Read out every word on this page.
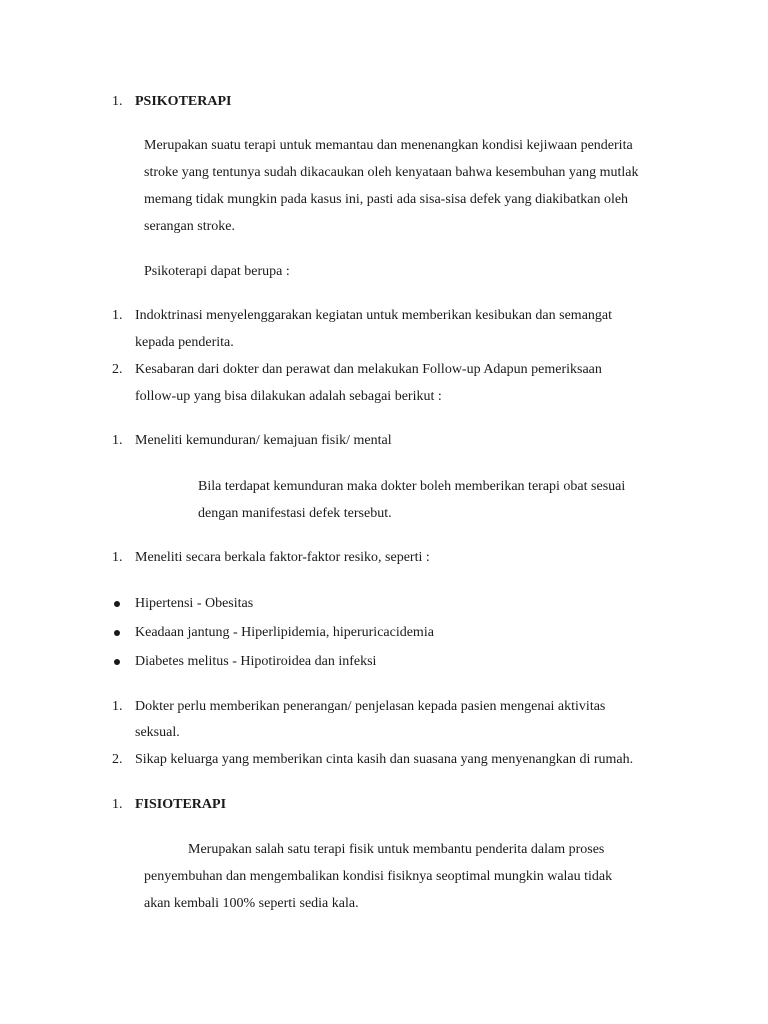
1. PSIKOTERAPI
Merupakan suatu terapi untuk memantau dan menenangkan kondisi kejiwaan penderita
stroke yang tentunya sudah dikacaukan oleh kenyataan bahwa kesembuhan yang mutlak
memang tidak mungkin pada kasus ini, pasti ada sisa-sisa defek yang diakibatkan oleh
serangan stroke.
Psikoterapi dapat berupa :
1. Indoktrinasi menyelenggarakan kegiatan untuk memberikan kesibukan dan semangat
kepada penderita.
2. Kesabaran dari dokter dan perawat dan melakukan Follow-up Adapun pemeriksaan
follow-up yang bisa dilakukan adalah sebagai berikut :
1. Meneliti kemunduran/ kemajuan fisik/ mental
Bila terdapat kemunduran maka dokter boleh memberikan terapi obat sesuai
dengan manifestasi defek tersebut.
1. Meneliti secara berkala faktor-faktor resiko, seperti :
Hipertensi - Obesitas
Keadaan jantung - Hiperlipidemia, hiperuricacidemia
Diabetes melitus - Hipotiroidea dan infeksi
1. Dokter perlu memberikan penerangan/ penjelasan kepada pasien mengenai aktivitas
seksual.
2. Sikap keluarga yang memberikan cinta kasih dan suasana yang menyenangkan di rumah.
1. FISIOTERAPI
Merupakan salah satu terapi fisik untuk membantu penderita dalam proses
penyembuhan dan mengembalikan kondisi fisiknya seoptimal mungkin walau tidak
akan kembali 100% seperti sedia kala.
